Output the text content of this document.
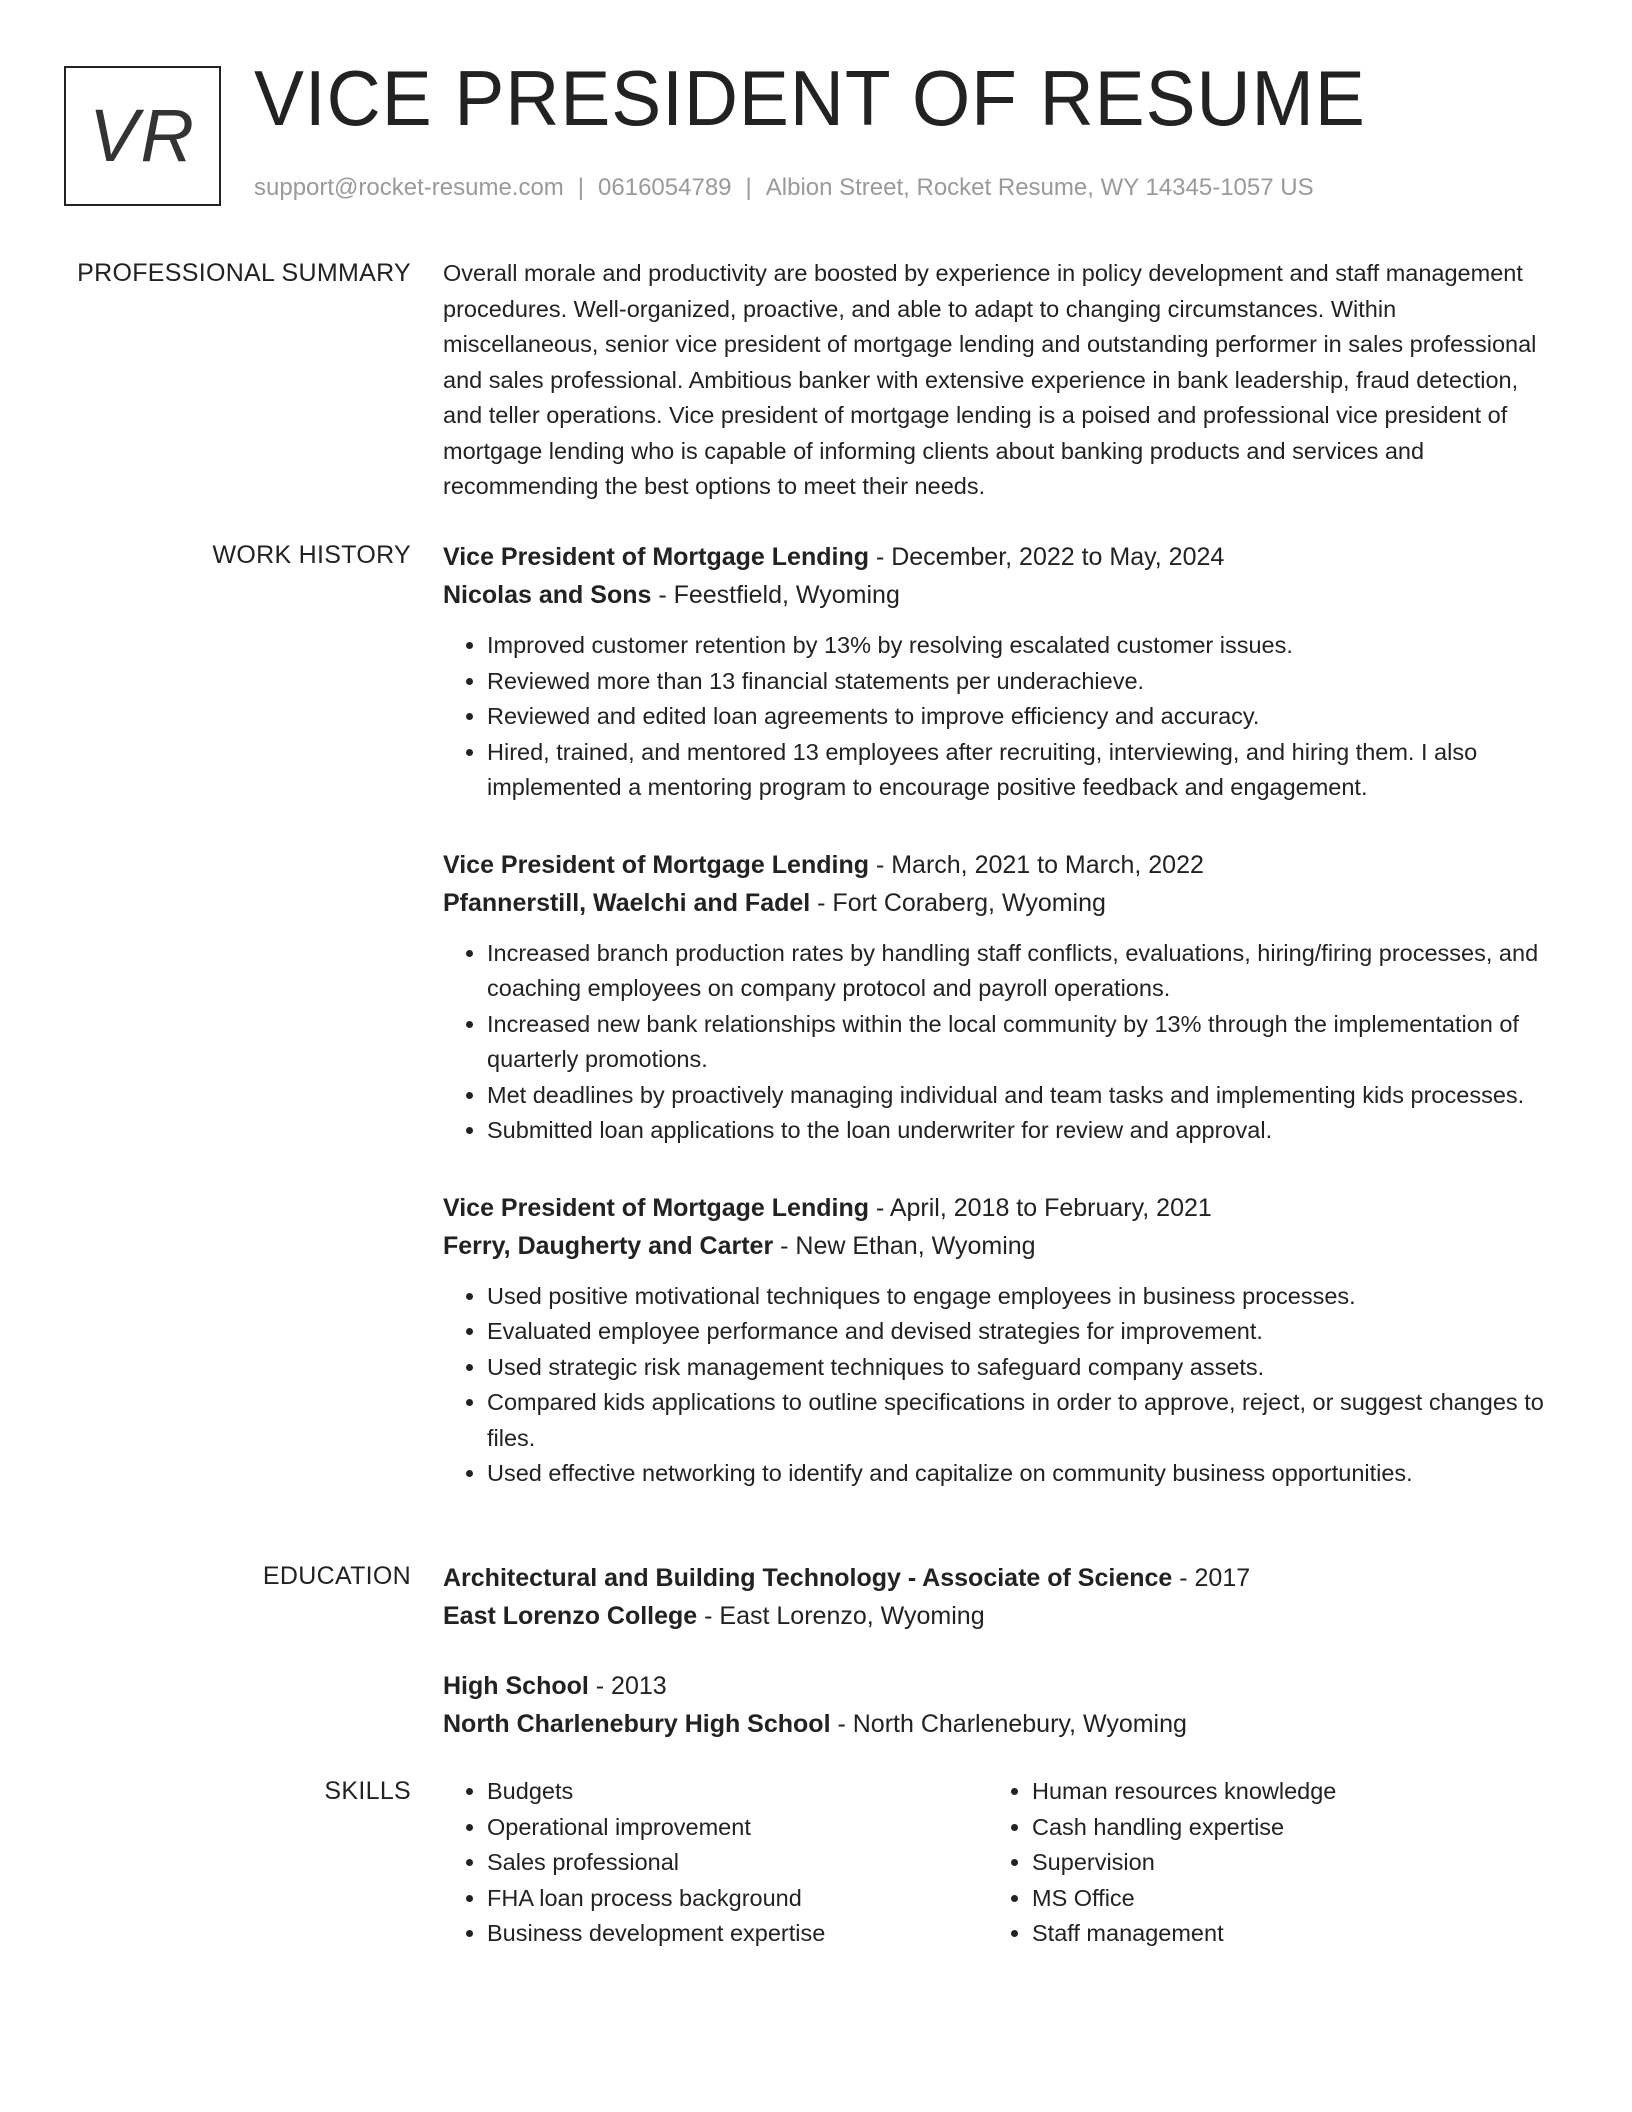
VR VICE PRESIDENT OF RESUME
support@rocket-resume.com | 0616054789 | Albion Street, Rocket Resume, WY 14345-1057 US
PROFESSIONAL SUMMARY Overall morale and productivity are boosted by experience in policy development and staff management procedures. Well-organized, proactive, and able to adapt to changing circumstances. Within miscellaneous, senior vice president of mortgage lending and outstanding performer in sales professional and sales professional. Ambitious banker with extensive experience in bank leadership, fraud detection, and teller operations. Vice president of mortgage lending is a poised and professional vice president of mortgage lending who is capable of informing clients about banking products and services and recommending the best options to meet their needs.

WORK HISTORY Vice President of Mortgage Lending - December, 2022 to May, 2024
Nicolas and Sons - Feestfield, Wyoming
• Improved customer retention by 13% by resolving escalated customer issues.
• Reviewed more than 13 financial statements per underachieve.
• Reviewed and edited loan agreements to improve efficiency and accuracy.
• Hired, trained, and mentored 13 employees after recruiting, interviewing, and hiring them. I also implemented a mentoring program to encourage positive feedback and engagement.
Vice President of Mortgage Lending - March, 2021 to March, 2022
Pfannerstill, Waelchi and Fadel - Fort Coraberg, Wyoming
• Increased branch production rates by handling staff conflicts, evaluations, hiring/firing processes, and coaching employees on company protocol and payroll operations.
• Increased new bank relationships within the local community by 13% through the implementation of quarterly promotions.
• Met deadlines by proactively managing individual and team tasks and implementing kids processes.
• Submitted loan applications to the loan underwriter for review and approval.
Vice President of Mortgage Lending - April, 2018 to February, 2021
Ferry, Daugherty and Carter - New Ethan, Wyoming
• Used positive motivational techniques to engage employees in business processes.
• Evaluated employee performance and devised strategies for improvement.
• Used strategic risk management techniques to safeguard company assets.
• Compared kids applications to outline specifications in order to approve, reject, or suggest changes to files.
• Used effective networking to identify and capitalize on community business opportunities.
EDUCATION Architectural and Building Technology - Associate of Science - 2017
East Lorenzo College - East Lorenzo, Wyoming
High School - 2013
North Charlenebury High School - North Charlenebury, Wyoming
SKILLS
•	Budgets
• Operational improvement
• Sales professional
• FHA loan process background
• Business development expertise
• Human resources knowledge
• Cash handling expertise
• Supervision
• MS Office
• Staff management
